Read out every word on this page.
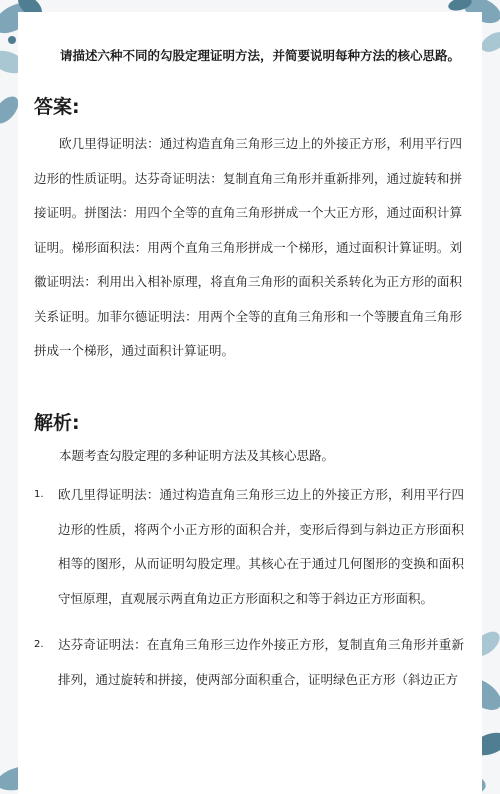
请描述六种不同的勾股定理证明方法，并简要说明每种方法的核心思路。
答案:

欧几里得证明法：通过构造直角三角形三边上的外接正方形，利用平行四边形的性质证明。达芬奇证明法：复制直角三角形并重新排列，通过旋转和拼接证明。拼图法：用四个全等的直角三角形拼成一个大正方形，通过面积计算证明。梯形面积法：用两个直角三角形拼成一个梯形，通过面积计算证明。刘徽证明法：利用出入相补原理，将直角三角形的面积关系转化为正方形的面积关系证明。加菲尔德证明法：用两个全等的直角三角形和一个等腰直角三角形拼成一个梯形，通过面积计算证明。

解析:

本题考查勾股定理的多种证明方法及其核心思路。

1. 欧几里得证明法：通过构造直角三角形三边上的外接正方形，利用平行四边形的性质，将两个小正方形的面积合并，变形后得到与斜边正方形面积相等的图形，从而证明勾股定理。其核心在于通过几何图形的变换和面积守恒原理，直观展示两直角边正方形面积之和等于斜边正方形面积。

2. 达芬奇证明法：在直角三角形三边作外接正方形，复制直角三角形并重新排列，通过旋转和拼接，使两部分面积重合，证明绿色正方形（斜边正方
